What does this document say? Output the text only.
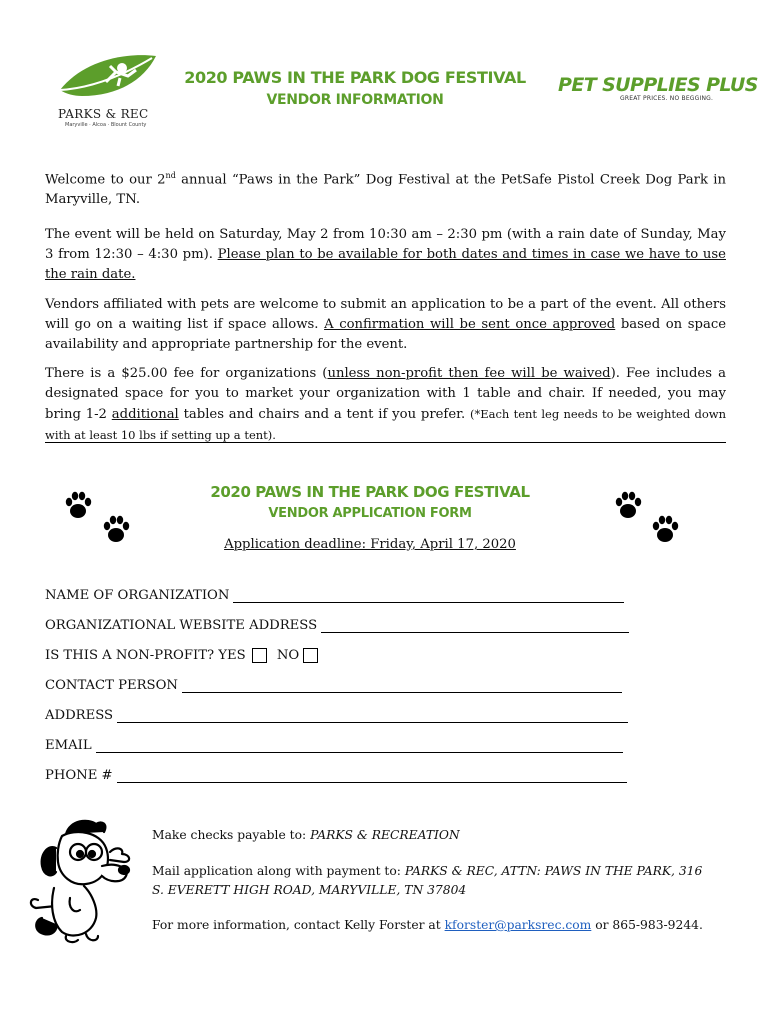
PARKS & REC
Maryville · Alcoa · Blount County
2020 PAWS IN THE PARK DOG FESTIVAL
VENDOR INFORMATION
PET SUPPLIES PLUS
GREAT PRICES. NO BEGGING.
Welcome to our 2nd annual “Paws in the Park” Dog Festival at the PetSafe Pistol Creek Dog Park in Maryville, TN.
The event will be held on Saturday, May 2 from 10:30 am – 2:30 pm (with a rain date of Sunday, May 3 from 12:30 – 4:30 pm). Please plan to be available for both dates and times in case we have to use the rain date.
Vendors affiliated with pets are welcome to submit an application to be a part of the event. All others will go on a waiting list if space allows. A confirmation will be sent once approved based on space availability and appropriate partnership for the event.
There is a $25.00 fee for organizations (unless non-profit then fee will be waived). Fee includes a designated space for you to market your organization with 1 table and chair. If needed, you may bring 1-2 additional tables and chairs and a tent if you prefer. (*Each tent leg needs to be weighted down with at least 10 lbs if setting up a tent).
2020 PAWS IN THE PARK DOG FESTIVAL
VENDOR APPLICATION FORM
Application deadline: Friday, April 17, 2020
NAME OF ORGANIZATION
ORGANIZATIONAL WEBSITE ADDRESS
IS THIS A NON-PROFIT?
YES
NO
CONTACT PERSON
ADDRESS
EMAIL
PHONE #
Make checks payable to: PARKS & RECREATION
Mail application along with payment to: PARKS & REC, ATTN: PAWS IN THE PARK, 316 S. EVERETT HIGH ROAD, MARYVILLE, TN 37804
For more information, contact Kelly Forster at kforster@parksrec.com or 865-983-9244.
